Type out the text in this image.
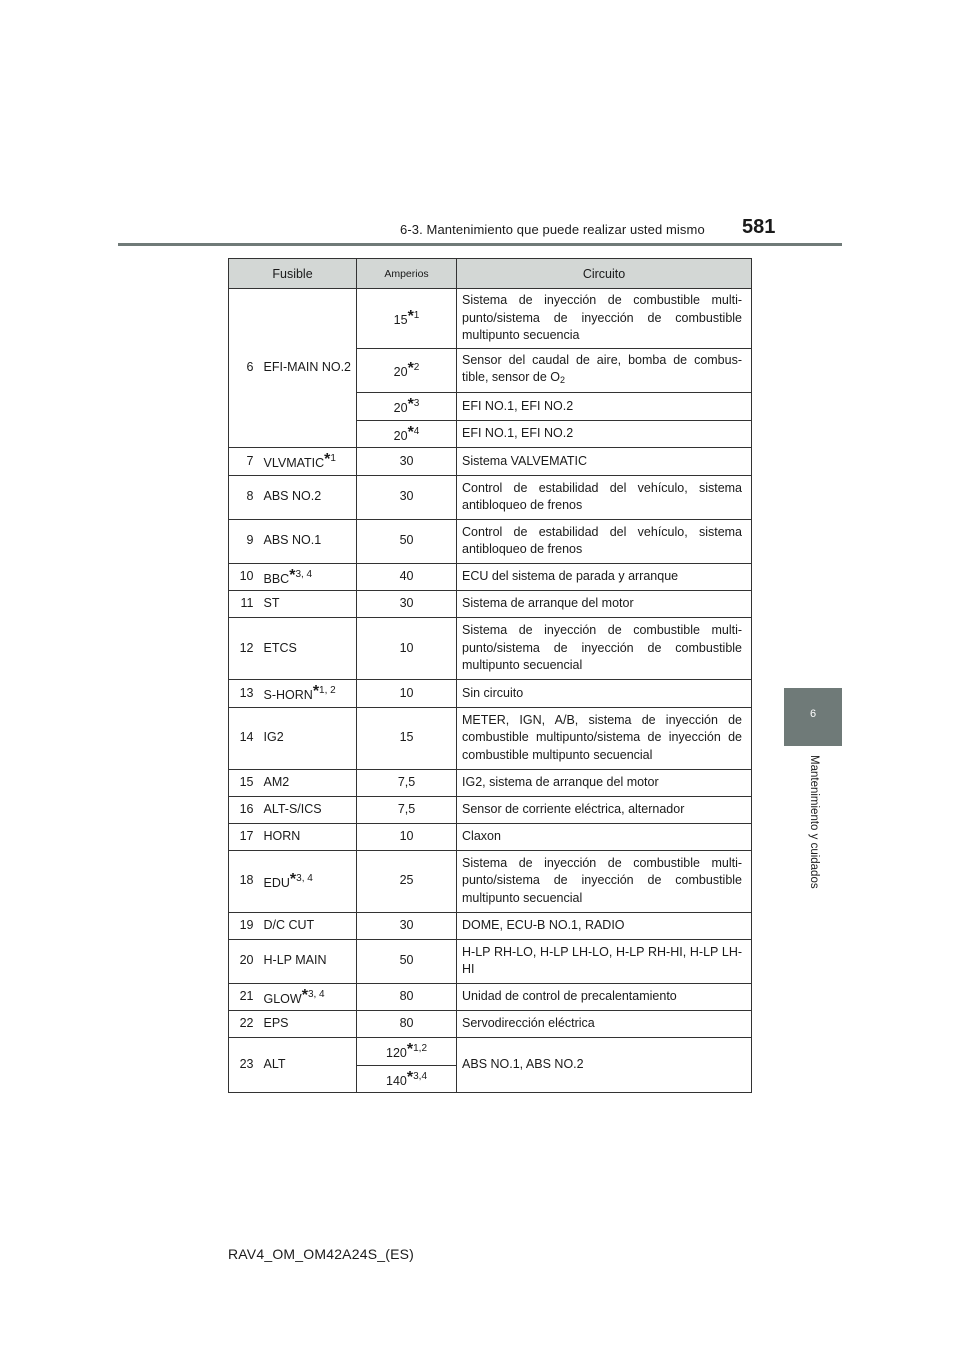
6-3. Mantenimiento que puede realizar usted mismo 581
6
Mantenimiento y cuidados
Fusible		Amperios	Circuito
6	EFI-MAIN NO.2	15*$^1$	Sistema de inyección de combustible multi-punto/sistema de inyección de combustible multipunto secuencia
		20*$^2$	Sensor del caudal de aire, bomba de combus-tible, sensor de $O_2$
		20*$^3$	EFI NO.1, EFI NO.2
		20*$^4$	EFI NO.1, EFI NO.2
7	VLVMATIC*$^1$	30	Sistema VALVEMATIC
8	ABS NO.2	30	Control de estabilidad del vehículo, sistema antibloqueo de frenos
9	ABS NO.1	50	Control de estabilidad del vehículo, sistema antibloqueo de frenos
10	BBC*$^{3, 4}$	40	ECU del sistema de parada y arranque
11	ST	30	Sistema de arranque del motor
12	ETCS	10	Sistema de inyección de combustible multi-punto/sistema de inyección de combustible multipunto secuencial
13	S-HORN*$^{1, 2}$	10	Sin circuito
14	IG2	15	METER, IGN, A/B, sistema de inyección de combustible multipunto/sistema de inyección de combustible multipunto secuencial
15	AM2	7,5	IG2, sistema de arranque del motor
16	ALT-S/ICS	7,5	Sensor de corriente eléctrica, alternador
17	HORN	10	Claxon
18	EDU*$^{3, 4}$	25	Sistema de inyección de combustible multi-punto/sistema de inyección de combustible multipunto secuencial
19	D/C CUT	30	DOME, ECU-B NO.1, RADIO
20	H-LP MAIN	50	H-LP RH-LO, H-LP LH-LO, H-LP RH-HI, H-LP LH-HI
21	GLOW*$^{3, 4}$	80	Unidad de control de precalentamiento
22	EPS	80	Servodirección eléctrica
23	ALT	120*$^{1,2}$	ABS NO.1, ABS NO.2
		140*$^{3,4}$
RAV4_OM_OM42A24S_(ES)
